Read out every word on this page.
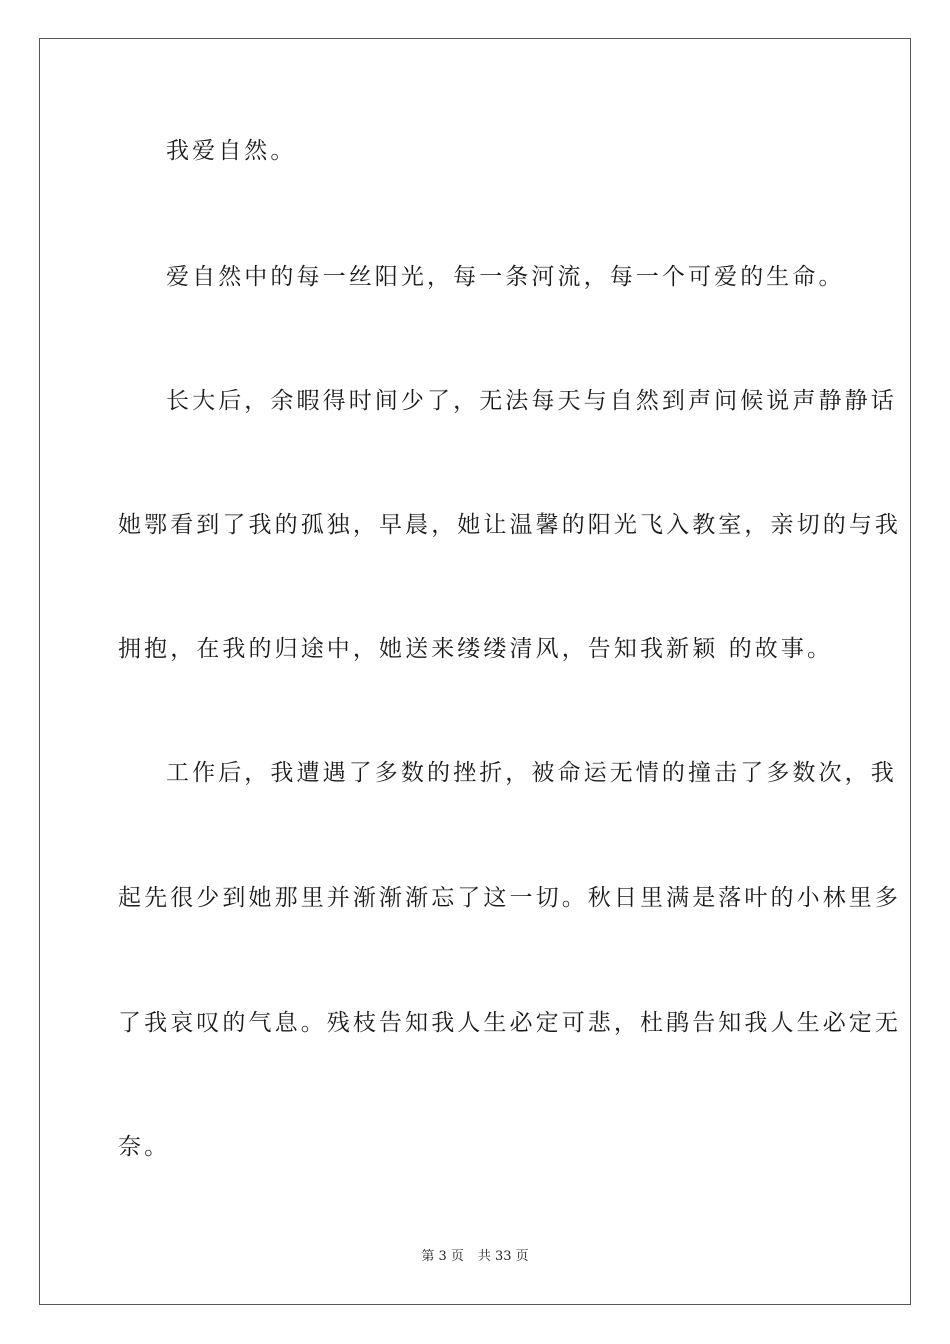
我爱自然。
爱自然中的每一丝阳光，每一条河流，每一个可爱的生命。
长大后，余暇得时间少了，无法每天与自然到声问候说声静静话
她鄂看到了我的孤独，早晨，她让温馨的阳光飞入教室，亲切的与我
拥抱，在我的归途中，她送来缕缕清风，告知我新颖 的故事。
工作后，我遭遇了多数的挫折，被命运无情的撞击了多数次，我
起先很少到她那里并渐渐渐忘了这一切。秋日里满是落叶的小林里多
了我哀叹的气息。残枝告知我人生必定可悲，杜鹃告知我人生必定无
奈。
第 3 页 共 33 页
